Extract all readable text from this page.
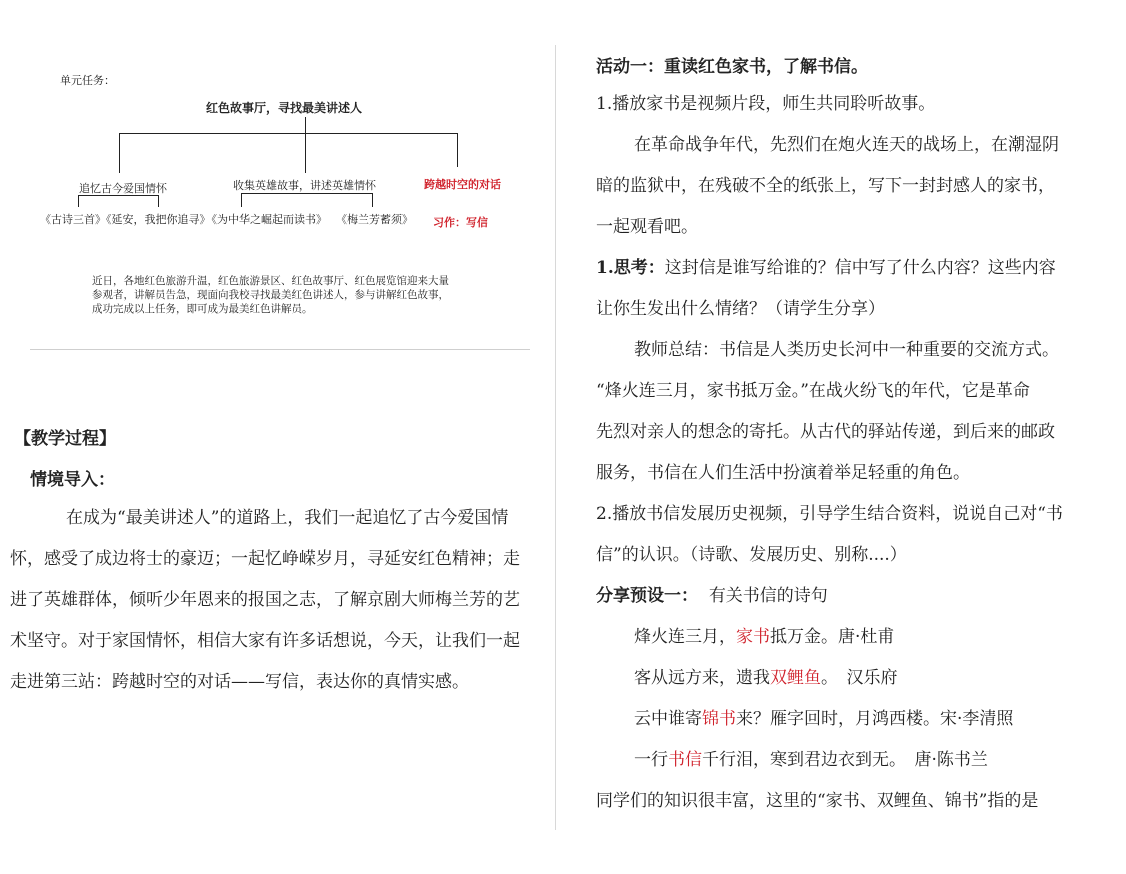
单元任务：
红色故事厅，寻找最美讲述人
追忆古今爱国情怀	收集英雄故事，讲述英雄情怀	跨越时空的对话
《古诗三首》《延安，我把你追寻》
《为中华之崛起而读书》 《梅兰芳蓄须》 习作：写信
近日，各地红色旅游升温，红色旅游景区、红色故事厅、红色展览馆迎来大量
参观者，讲解员告急，现面向我校寻找最美红色讲述人，参与讲解红色故事，
成功完成以上任务，即可成为最美红色讲解员。
【教学过程】
情境导入：
在成为“最美讲述人”的道路上，我们一起追忆了古今爱国情怀，感受了成边将士的豪迈；一起忆峥嵘岁月，寻延安红色精神；走进了英雄群体，倾听少年恩来的报国之志，了解京剧大师梅兰芳的艺术坚守。对于家国情怀，相信大家有许多话想说，今天，让我们一起走进第三站：跨越时空的对话——写信，表达你的真情实感。
活动一：重读红色家书，了解书信。
1.播放家书是视频片段，师生共同聆听故事。
在革命战争年代，先烈们在炮火连天的战场上，在潮湿阴
暗的监狱中，在残破不全的纸张上，写下一封封感人的家书，
一起观看吧。
1.思考：这封信是谁写给谁的？信中写了什么内容？这些内容
让你生发出什么情绪？（请学生分享）
教师总结：书信是人类历史长河中一种重要的交流方式。
“烽火连三月，家书抵万金。”在战火纷飞的年代，它是革命
先烈对亲人的想念的寄托。从古代的驿站传递，到后来的邮政
服务，书信在人们生活中扮演着举足轻重的角色。
2.播放书信发展历史视频，引导学生结合资料，说说自己对“书
信”的认识。（诗歌、发展历史、别称....）
分享预设一： 有关书信的诗句
烽火连三月，家书抵万金。唐·杜甫
客从远方来，遗我双鲤鱼。　汉乐府
云中谁寄锦书来？雁字回时，月鸿西楼。宋·李清照
一行书信千行泪，寒到君边衣到无。　唐·陈书兰
同学们的知识很丰富，这里的“家书、双鲤鱼、锦书”指的是
